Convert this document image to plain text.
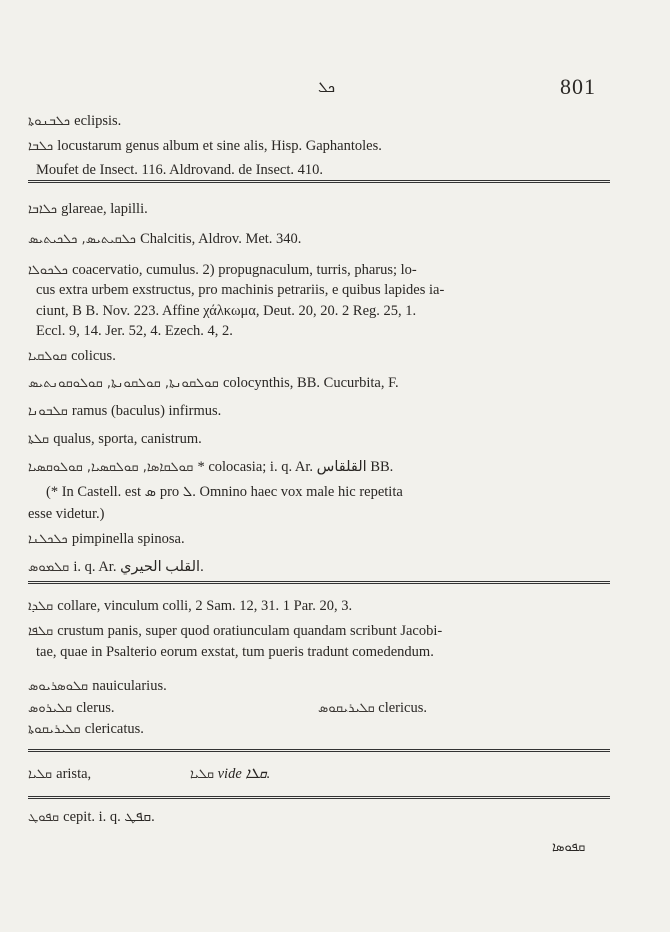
ܟܠ	801
ܟܠܒܢܘܬܐ eclipsis.
ܟܠܒܐ locustarum genus album et sine alis, Hisp. Gaphantoles.
Moufet de Insect. 116. Aldrovand. de Insect. 410.
ܟܠܐܒܐ glareae, lapilli.
ܟܠܩܝܬܝܣ, ܟܠܟܝܬܝܣ Chalcitis, Aldrov. Met. 340.
ܟܠܟܘܠܐ coacervatio, cumulus. 2) propugnaculum, turris, pharus; lo-
cus extra urbem exstructus, pro machinis petrariis, e quibus lapides ia-
ciunt, B B. Nov. 223. Affine χάλκωμα, Deut. 20, 20. 2 Reg. 25, 1.
Eccl. 9, 14. Jer. 52, 4. Ezech. 4, 2.
ܩܘܠܩܝܐ colicus.
ܩܘܠܩܘܢܬܐ, ܩܘܠܩܘܢܬܐ, ܩܘܠܘܩܘܢܬܝܣ colocynthis, BB. Cucurbita, F.
ܩܠܒܘܢܐ ramus (baculus) infirmus.
ܩܠܬܐ qualus, sporta, canistrum.
ܩܘܠܩܐܣܐ, ܩܘܠܩܣܝܐ, ܩܘܠܘܩܣܝܐ * colocasia; i. q. Ar. القلقاس BB.
(* In Castell. est ܣ pro ܠ. Omnino haec vox male hic repetita
esse videtur.)
ܟܠܟܠܢܐ pimpinella spinosa.
ܩܠܡܘܣ i. q. Ar. القلب الحيري.
ܩܠܕܐ collare, vinculum colli, 2 Sam. 12, 31. 1 Par. 20, 3.
ܩܠܦܐ crustum panis, super quod oratiunculam quandam scribunt Jacobi-
tae, quae in Psalterio eorum exstat, tum pueris tradunt comedendum.
ܩܠܘܣܪܝܘܣ nauicularius.
ܩܠܝܪܘܣ clerus.
ܩܠܝܪܝܩܘܬܐ clericatus.
ܩܠܝܐ arista,
ܩܦܘܛ cepit. i. q. ܩܦܛ.
ܩܠܝܪܝܩܘܣ clericus.
ܩܠܝܐ vide ܩܠܐ.
ܩܦܘܣܐ
